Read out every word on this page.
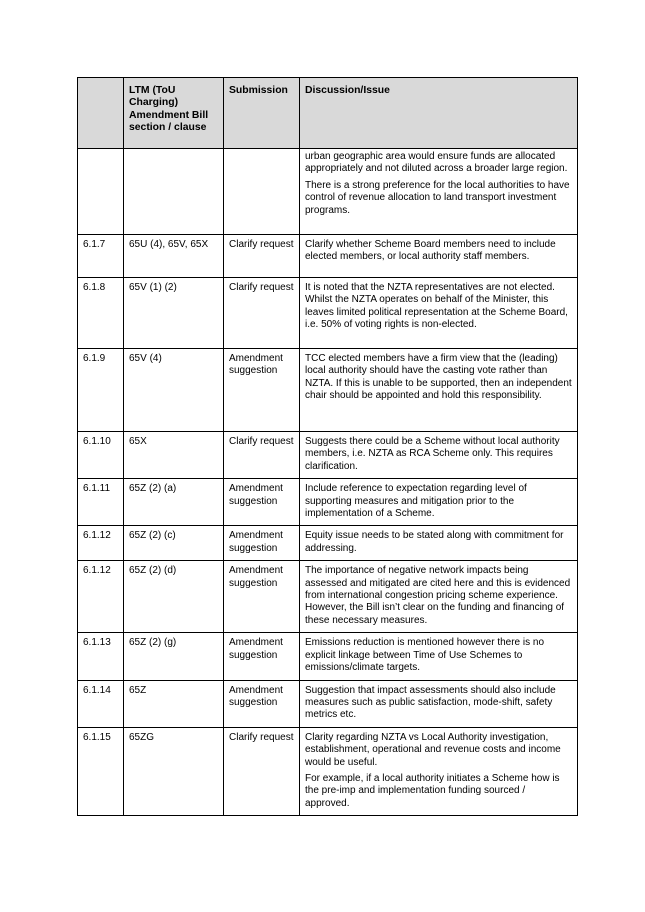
	LTM (ToU Charging) Amendment Bill section / clause	Submission	Discussion/Issue

			urban geographic area would ensure funds are allocated appropriately and not diluted across a broader large region.

There is a strong preference for the local authorities to have control of revenue allocation to land transport investment programs.

6.1.7	65U (4), 65V, 65X	Clarify request	Clarify whether Scheme Board members need to include elected members, or local authority staff members.

6.1.8	65V (1) (2)	Clarify request	It is noted that the NZTA representatives are not elected. Whilst the NZTA operates on behalf of the Minister, this leaves limited political representation at the Scheme Board, i.e. 50% of voting rights is non-elected.

6.1.9	65V (4)	Amendment suggestion	TCC elected members have a firm view that the (leading) local authority should have the casting vote rather than NZTA. If this is unable to be supported, then an independent chair should be appointed and hold this responsibility.

6.1.10	65X	Clarify request	Suggests there could be a Scheme without local authority members, i.e. NZTA as RCA Scheme only. This requires clarification.

6.1.11	65Z (2) (a)	Amendment suggestion	Include reference to expectation regarding level of supporting measures and mitigation prior to the implementation of a Scheme.

6.1.12	65Z (2) (c)	Amendment suggestion	Equity issue needs to be stated along with commitment for addressing.

6.1.12	65Z (2) (d)	Amendment suggestion	The importance of negative network impacts being assessed and mitigated are cited here and this is evidenced from international congestion pricing scheme experience. However, the Bill isn’t clear on the funding and financing of these necessary measures.

6.1.13	65Z (2) (g)	Amendment suggestion	Emissions reduction is mentioned however there is no explicit linkage between Time of Use Schemes to emissions/climate targets.

6.1.14	65Z	Amendment suggestion	Suggestion that impact assessments should also include measures such as public satisfaction, mode-shift, safety metrics etc.

6.1.15	65ZG	Clarify request	Clarity regarding NZTA vs Local Authority investigation, establishment, operational and revenue costs and income would be useful.

For example, if a local authority initiates a Scheme how is the pre-imp and implementation funding sourced / approved.
